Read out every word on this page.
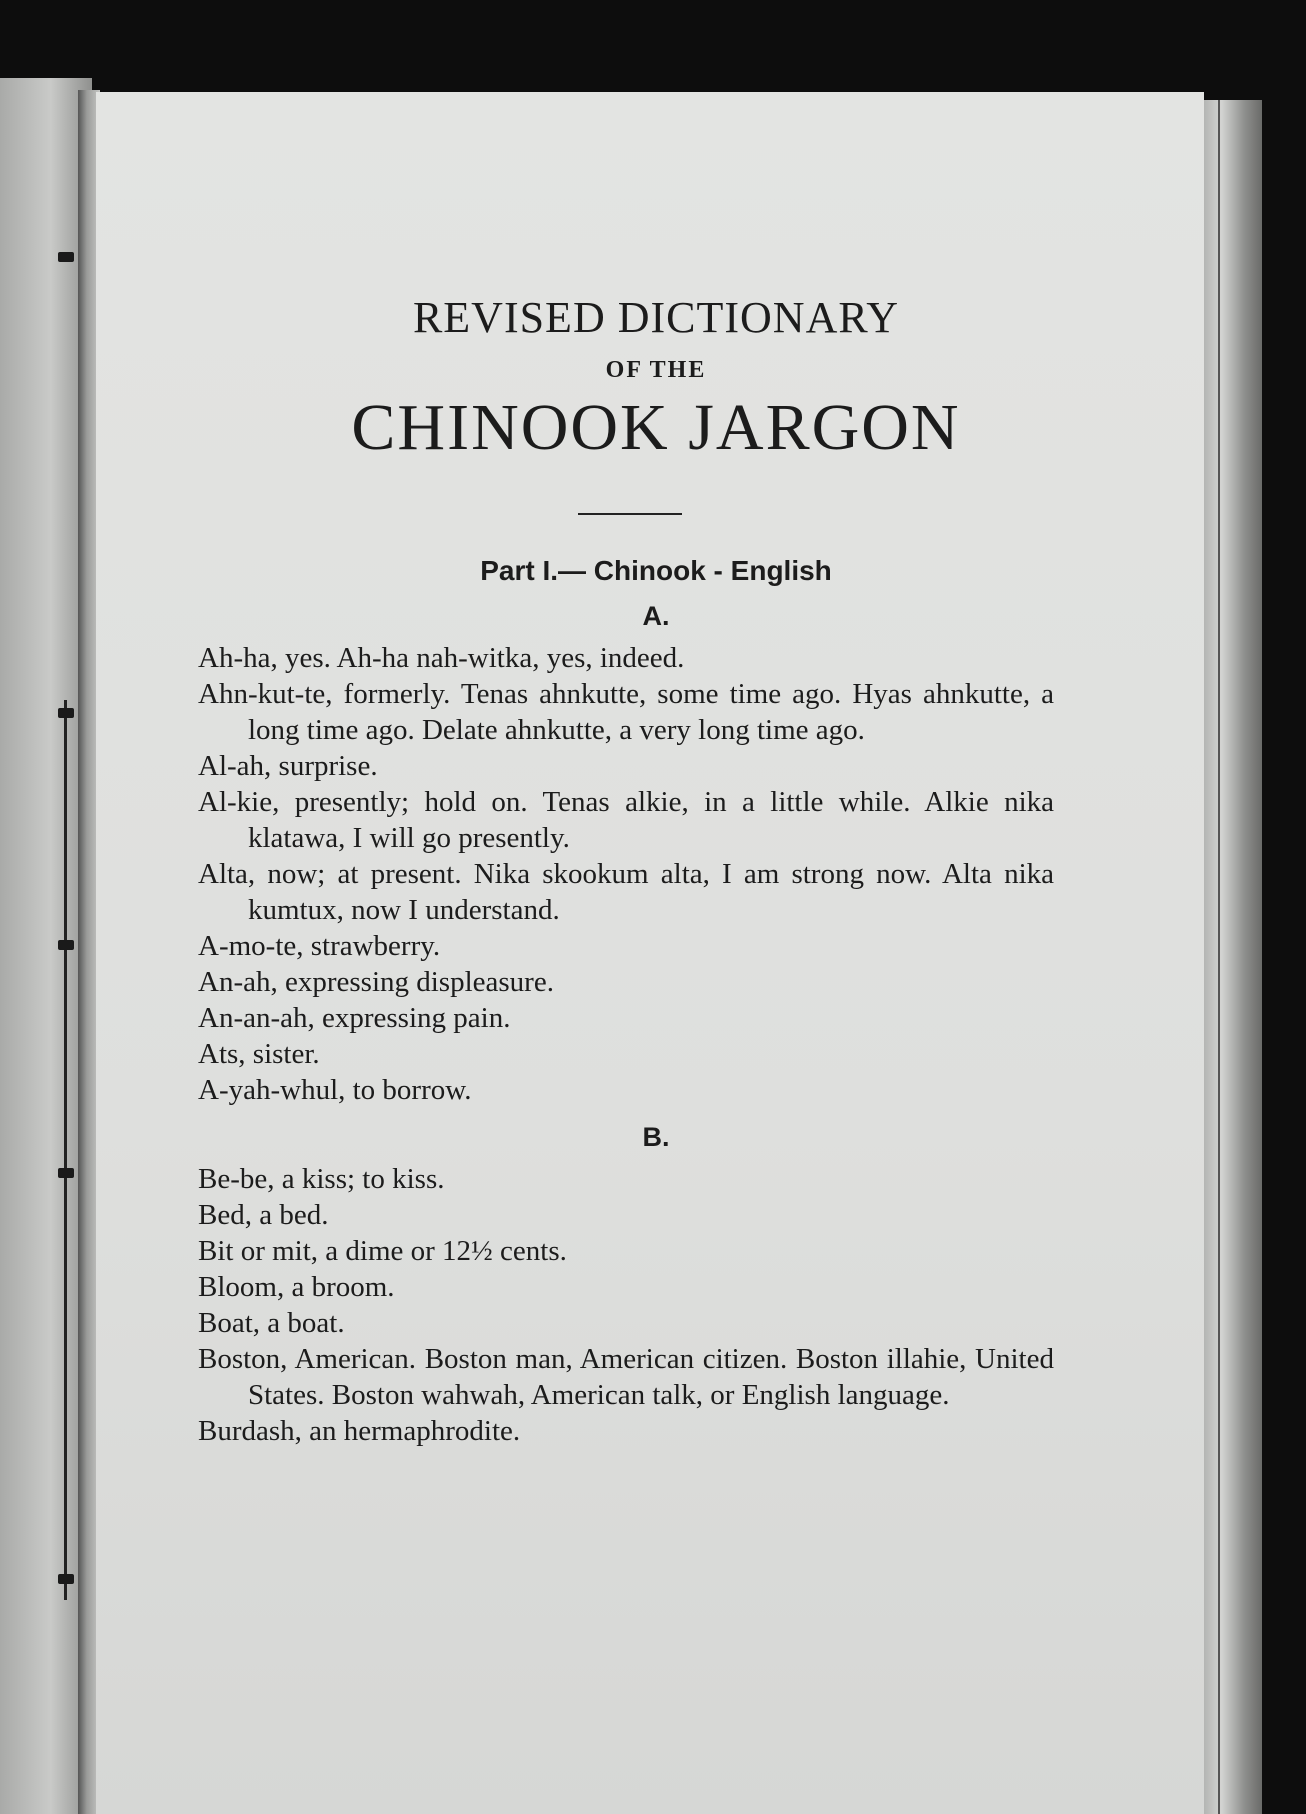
REVISED DICTIONARY
OF THE
CHINOOK JARGON
Part I.— Chinook - English
A.
Ah-ha, yes. Ah-ha nah-witka, yes, indeed.
Ahn-kut-te, formerly. Tenas ahnkutte, some time ago. Hyas ahnkutte, a long time ago. Delate ahnkutte, a very long time ago.
Al-ah, surprise.
Al-kie, presently; hold on. Tenas alkie, in a little while. Alkie nika klatawa, I will go presently.
Alta, now; at present. Nika skookum alta, I am strong now. Alta nika kumtux, now I understand.
A-mo-te, strawberry.
An-ah, expressing displeasure.
An-an-ah, expressing pain.
Ats, sister.
A-yah-whul, to borrow.
B.
Be-be, a kiss; to kiss.
Bed, a bed.
Bit or mit, a dime or 12½ cents.
Bloom, a broom.
Boat, a boat.
Boston, American. Boston man, American citizen. Boston illahie, United States. Boston wahwah, American talk, or English language.
Burdash, an hermaphrodite.
